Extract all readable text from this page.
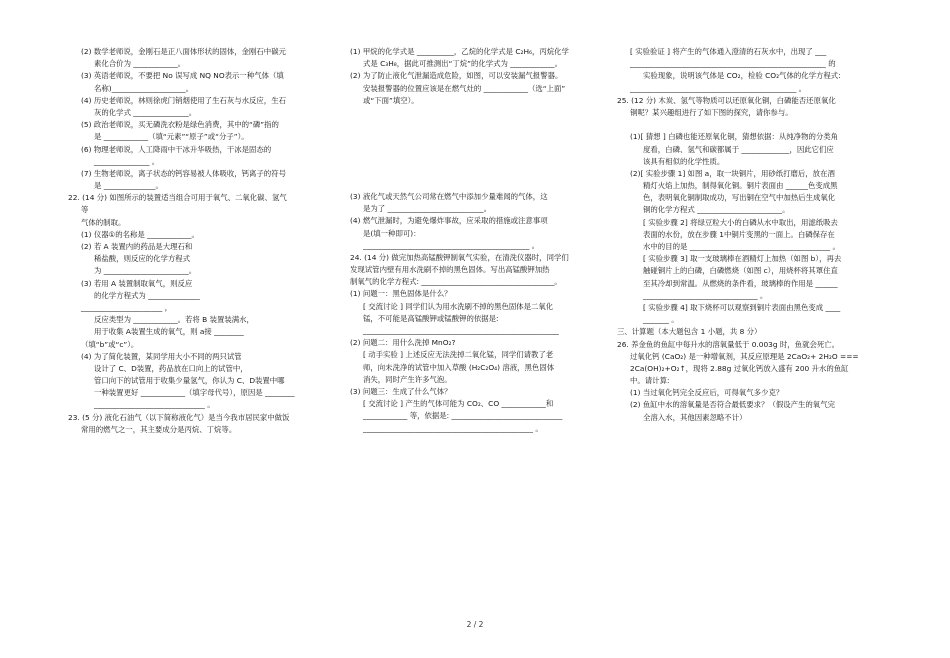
(2) 数学老师说，金刚石是正八面体形状的固体，金刚石中碳元
素化合价为 ____________。
(3) 英语老师说，不要把 No 误写成 NQ NO表示一种气体（填
名称)____________________。
(4) 历史老师说，林则徐虎门销烟使用了生石灰与水反应，生石
灰的化学式 _______________。
(5) 政治老师说，买无磷洗衣粉是绿色消费，其中的“磷”指的
是 ____________（填“元素”“原子”或“分子”）。
(6) 物理老师说，人工降雨中干冰升华吸热，干冰是固态的
_______________ 。
(7) 生物老师说，离子状态的钙容易被人体吸收，钙离子的符号
是 ______________。
22. (14 分) 如图所示的装置适当组合可用于氧气、二氧化碳、氢气
等
气体的制取。
(1) 仪器①的名称是 ____________。
(2) 若 A 装置内的药品是大理石和
稀盐酸，则反应的化学方程式
为 _______________________。
(3) 若用 A 装置制取氧气，则反应
的化学方程式为 ______________
______________________ ，
反应类型为 ____________。若将 B 装置装满水，
用于收集 A装置生成的氧气，则 a接 ________
（填“b”或“c”）。
(4) 为了简化装置，某同学用大小不同的两只试管
设计了 C、D装置，药品放在口向上的试管中，
管口向下的试管用于收集少量氢气，你认为 C、D装置中哪
一种装置更好 ____________（填字母代号），原因是 ________
______________________________ 。
23. (5 分) 液化石油气（以下简称液化气）是当今我市居民家中做饭
常用的燃气之一，其主要成分是丙烷、丁烷等。
(1) 甲烷的化学式是 __________，乙烷的化学式是 C₂H₆，丙烷化学
式是 C₃H₈，据此可推测出“丁烷”的化学式为 ____________。
(2) 为了防止液化气泄漏造成危险，如图，可以安装漏气报警器。
安装报警器的位置应该是在燃气灶的 ____________（选“上面”
或“下面”填空）。
(3) 液化气或天然气公司常在燃气中添加少量难闻的气体，这
是为了 __________________________。
(4) 燃气泄漏时，为避免爆炸事故，应采取的措施或注意事项
是(填一种即可)：
_____________________________________________ 。
24. (14 分) 做完加热高锰酸钾制氧气实验，在清洗仪器时，同学们
发现试管内壁有用水洗刷不掉的黑色固体。写出高锰酸钾加热
制氧气的化学方程式: ____________________________________。
(1) 问题一：黑色固体是什么？
[ 交流讨论 ] 同学们认为用水洗刷不掉的黑色固体是二氧化
锰，不可能是高锰酸钾或锰酸钾的依据是:
_____________________________________________________
(2) 问题二：用什么洗掉 MnO₂?
[ 动手实验 ] 上述反应无法洗掉二氧化锰，同学们请教了老
师，向未洗净的试管中加入草酸 (H₂C₂O₄) 溶液，黑色固体
消失，同时产生许多气泡。
(3) 问题三：生成了什么气体？
[ 交流讨论 ] 产生的气体可能为 CO₂、CO ____________和
____________ 等，依据是: ______________________________
______________________________________________ 。
[ 实验验证 ] 将产生的气体通入澄清的石灰水中，出现了 ___
_____________________________________________________ 的
实验现象，说明该气体是 CO₂，检验 CO₂气体的化学方程式:
_____________________________________________ 。
25. (12 分) 木炭、氢气等物质可以还原氧化铜，白磷能否还原氧化
铜呢？某兴趣组进行了如下图的探究，请你参与。
(1)[ 猜想 ] 白磷也能还原氧化铜，猜想依据：从纯净物的分类角
度看，白磷、氢气和碳都属于 _____________，因此它们应
该具有相似的化学性质。
(2)[ 实验步骤 1] 如图 a，取一块铜片，用砂纸打磨后，放在酒
精灯火焰上加热，制得氧化铜。铜片表面由 ______色变成黑
色，表明氧化铜制取成功，写出铜在空气中加热后生成氧化
铜的化学方程式 _______________________。
[ 实验步骤 2] 将绿豆粒大小的白磷从水中取出，用滤纸吸去
表面的水份，放在步骤 1中铜片变黑的一面上。白磷保存在
水中的目的是 ______________________________________ 。
[ 实验步骤 3] 取一支玻璃棒在酒精灯上加热（如图 b），再去
触碰铜片上的白磷，白磷燃烧（如图 c），用烧杯将其罩住直
至其冷却到常温。从燃烧的条件看，玻璃棒的作用是 ______
_______________________________ 。
[ 实验步骤 4] 取下烧杯可以观察到铜片表面由黑色变成 ____
_______ 。
三、计算题（本大题包含 1 小题，共 8 分）
26. 养金鱼的鱼缸中每升水的溶氧量低于 0.003g 时，鱼就会死亡。
过氧化钙 (CaO₂) 是一种增氧剂，其反应原理是 2CaO₂+ 2H₂O ===
2Ca(OH)₂+O₂↑，现将 2.88g 过氧化钙放入盛有 200 升水的鱼缸
中。请计算:
(1) 当过氧化钙完全反应后，可得氧气多少克？
(2) 鱼缸中水的溶氧量是否符合最低要求？（假设产生的氧气完
全溶入水，其他因素忽略不计）
2 / 2
